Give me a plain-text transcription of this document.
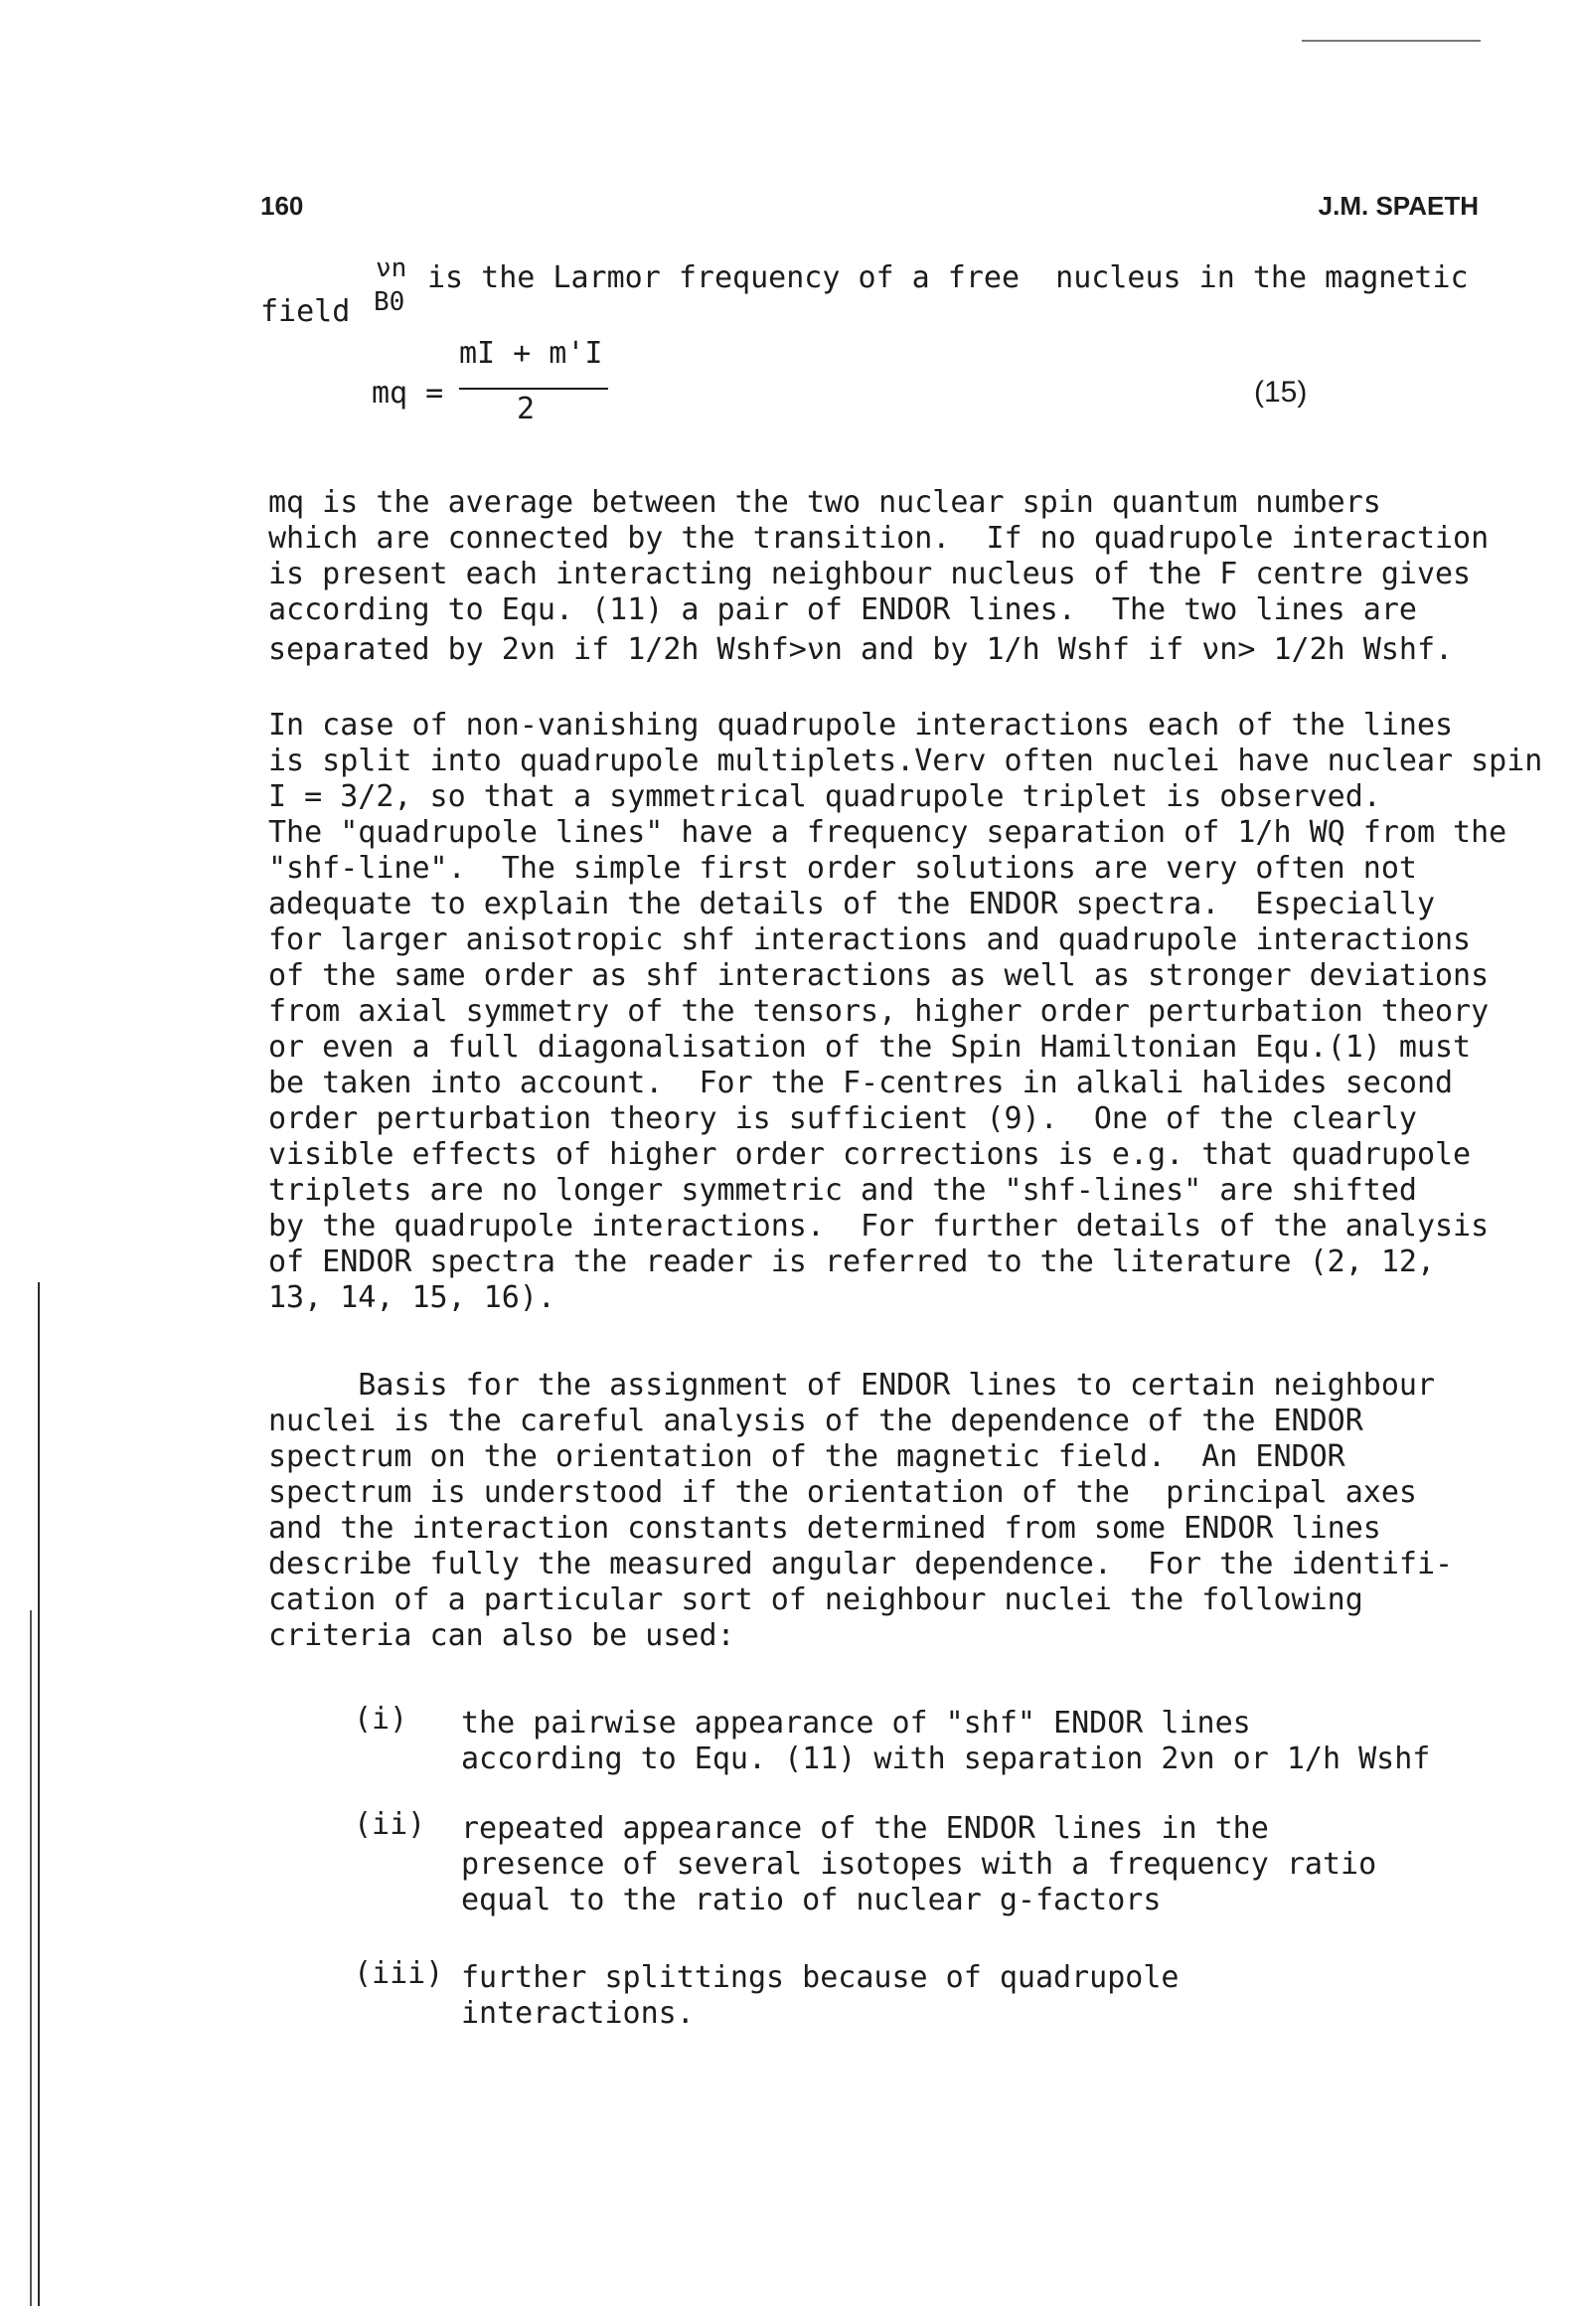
160	J.M. SPAETH
νn is the Larmor frequency of a free  nucleus in the magnetic
field B0
mq =
mI + m'I
2	(15)
mq is the average between the two nuclear spin quantum numbers
which are connected by the transition.  If no quadrupole interaction
is present each interacting neighbour nucleus of the F centre gives
according to Equ. (11) a pair of ENDOR lines.  The two lines are
separated by 2νn if 1/2h Wshf>νn and by 1/h Wshf if νn> 1/2h Wshf.
In case of non-vanishing quadrupole interactions each of the lines
is split into quadrupole multiplets.Verv often nuclei have nuclear spin
I = 3/2, so that a symmetrical quadrupole triplet is observed.
The "quadrupole lines" have a frequency separation of 1/h WQ from the
"shf-line".  The simple first order solutions are very often not
adequate to explain the details of the ENDOR spectra.  Especially
for larger anisotropic shf interactions and quadrupole interactions
of the same order as shf interactions as well as stronger deviations
from axial symmetry of the tensors, higher order perturbation theory
or even a full diagonalisation of the Spin Hamiltonian Equ.(1) must
be taken into account.  For the F-centres in alkali halides second
order perturbation theory is sufficient (9).  One of the clearly
visible effects of higher order corrections is e.g. that quadrupole
triplets are no longer symmetric and the "shf-lines" are shifted
by the quadrupole interactions.  For further details of the analysis
of ENDOR spectra the reader is referred to the literature (2, 12,
13, 14, 15, 16).
Basis for the assignment of ENDOR lines to certain neighbour
nuclei is the careful analysis of the dependence of the ENDOR
spectrum on the orientation of the magnetic field.  An ENDOR
spectrum is understood if the orientation of the  principal axes
and the interaction constants determined from some ENDOR lines
describe fully the measured angular dependence.  For the identifi-
cation of a particular sort of neighbour nuclei the following
criteria can also be used:
(i) the pairwise appearance of "shf" ENDOR lines
according to Equ. (11) with separation 2νn or 1/h Wshf
(ii) repeated appearance of the ENDOR lines in the
presence of several isotopes with a frequency ratio
equal to the ratio of nuclear g-factors
(iii) further splittings because of quadrupole
interactions.
